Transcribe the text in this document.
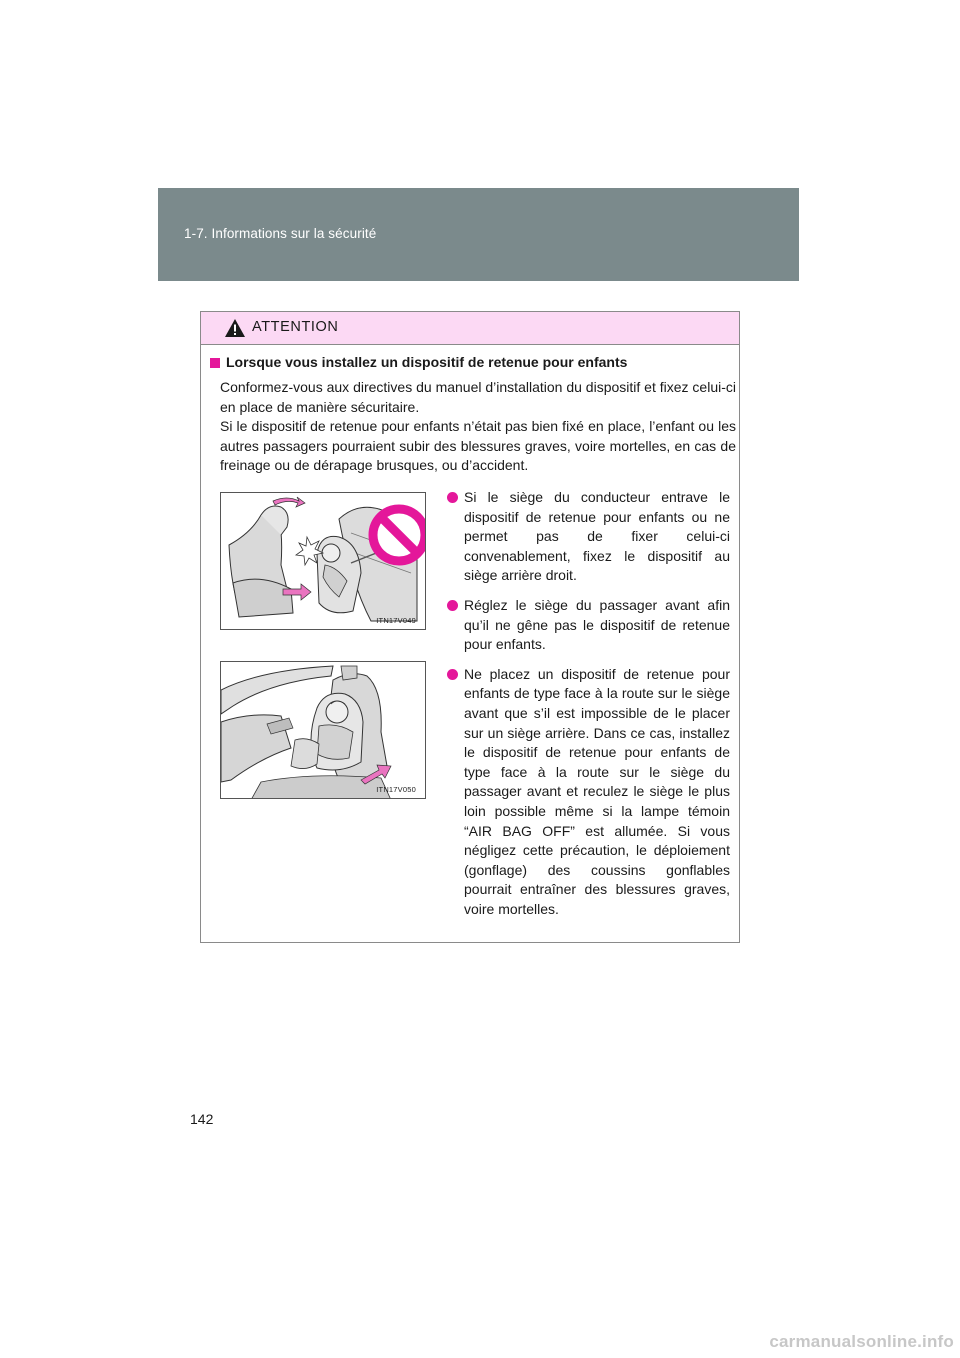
1-7. Informations sur la sécurité
ATTENTION
Lorsque vous installez un dispositif de retenue pour enfants

Conformez-vous aux directives du manuel d’installation du dispositif et fixez celui-ci en place de manière sécuritaire.

Si le dispositif de retenue pour enfants n’était pas bien fixé en place, l’enfant ou les autres passagers pourraient subir des blessures graves, voire mortelles, en cas de freinage ou de dérapage brusques, ou d’accident.

ITN17V049
ITN17V050
Si le siège du conducteur entrave le dispositif de retenue pour enfants ou ne permet pas de fixer celui-ci convenablement, fixez le dispositif au siège arrière droit.
Réglez le siège du passager avant afin qu’il ne gêne pas le dispositif de retenue pour enfants.
Ne placez un dispositif de retenue pour enfants de type face à la route sur le siège avant que s’il est impossible de le placer sur un siège arrière. Dans ce cas, installez le dispositif de retenue pour enfants de type face à la route sur le siège du passager avant et reculez le siège le plus loin possible même si la lampe témoin “AIR BAG OFF” est allumée. Si vous négligez cette précaution, le déploiement (gonflage) des coussins gonflables pourrait entraîner des blessures graves, voire mortelles.
142
carmanualsonline.info
